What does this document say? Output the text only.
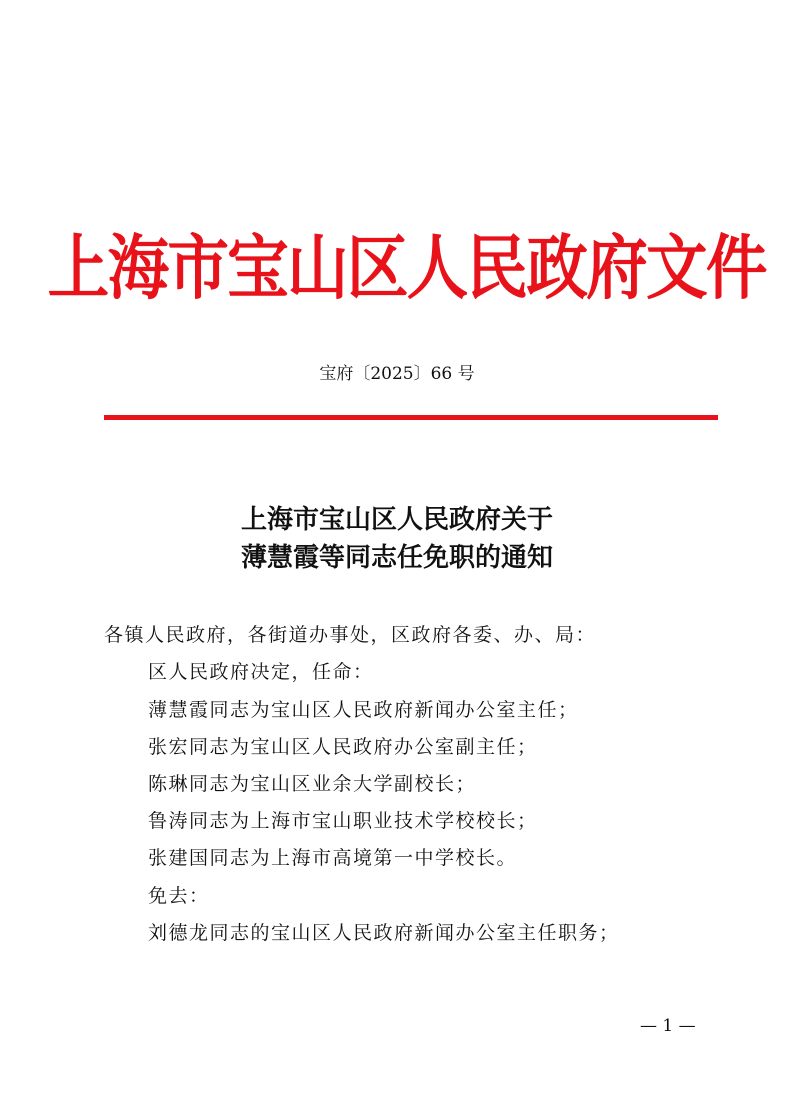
上海市宝山区人民政府文件
宝府〔2025〕66 号
上海市宝山区人民政府关于
薄慧霞等同志任免职的通知
各镇人民政府，各街道办事处，区政府各委、办、局：
区人民政府决定，任命：
薄慧霞同志为宝山区人民政府新闻办公室主任；
张宏同志为宝山区人民政府办公室副主任；
陈琳同志为宝山区业余大学副校长；
鲁涛同志为上海市宝山职业技术学校校长；
张建国同志为上海市高境第一中学校长。
免去：
刘德龙同志的宝山区人民政府新闻办公室主任职务；
— 1 —
